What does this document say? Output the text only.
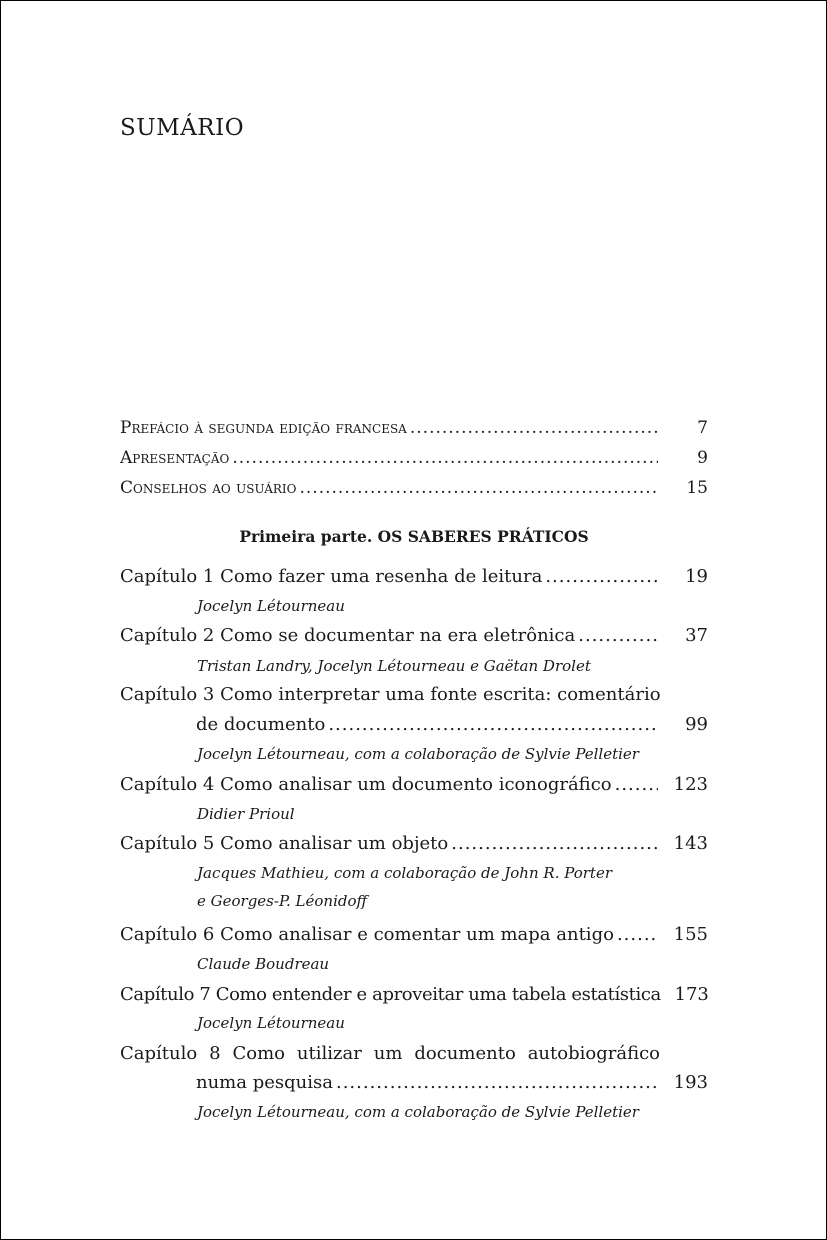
SUMÁRIO
Prefácio à segunda edição francesa .....	7
Apresentação .....	9
Conselhos ao usuário .....	15
Primeira parte. OS SABERES PRÁTICOS
Capítulo 1 Como fazer uma resenha de leitura .....	19
Jocelyn Létourneau
Capítulo 2 Como se documentar na era eletrônica .....	37
Tristan Landry, Jocelyn Létourneau e Gaëtan Drolet
Capítulo 3 Como interpretar uma fonte escrita: comentário
de documento .....	99
Jocelyn Létourneau, com a colaboração de Sylvie Pelletier
Capítulo 4 Como analisar um documento iconográfico .....	123
Didier Prioul
Capítulo 5 Como analisar um objeto .....	143
Jacques Mathieu, com a colaboração de John R. Porter
e Georges-P. Léonidoff
Capítulo 6 Como analisar e comentar um mapa antigo .....	155
Claude Boudreau
Capítulo 7 Como entender e aproveitar uma tabela estatística 173
Jocelyn Létourneau
Capítulo 8 Como utilizar um documento autobiográfico
numa pesquisa .....	193
Jocelyn Létourneau, com a colaboração de Sylvie Pelletier
